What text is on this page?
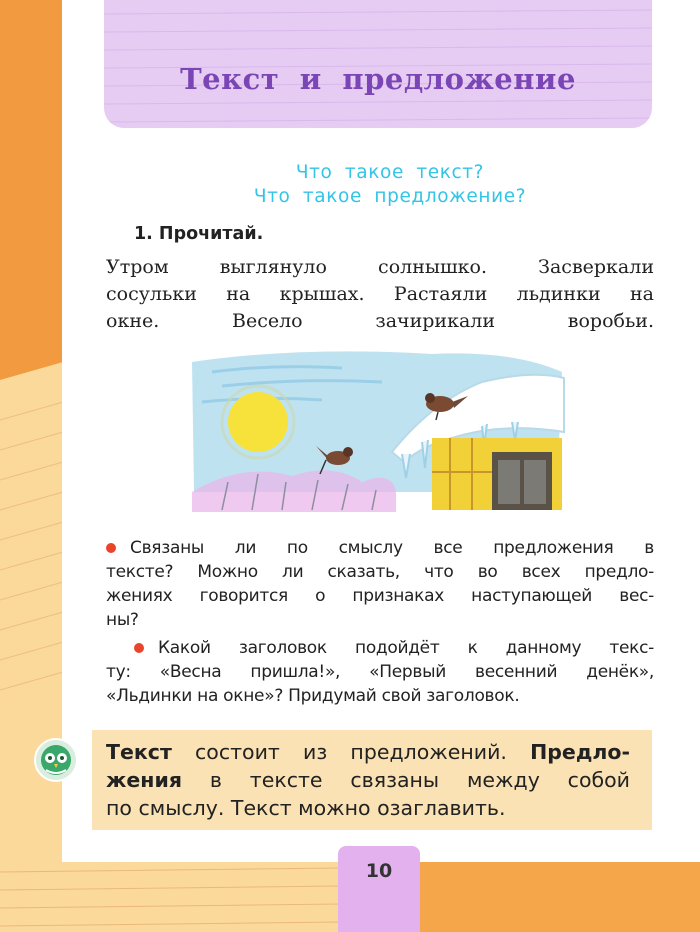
Текст и предложение
Что такое текст?
Что такое предложение?
1. Прочитай.
Утром выглянуло солнышко. Засверкали
сосульки на крышах. Растаяли льдинки на
окне. Весело зачирикали воробьи.
Связаны ли по смыслу все предложения в
тексте? Можно ли сказать, что во всех предло-
жениях говорится о признаках наступающей вес-
ны?
Какой заголовок подойдёт к данному текс-
ту: «Весна пришла!», «Первый весенний денёк»,
«Льдинки на окне»? Придумай свой заголовок.
Текст состоит из предложений. Предло-
жения в тексте связаны между собой
по смыслу. Текст можно озаглавить.
10
